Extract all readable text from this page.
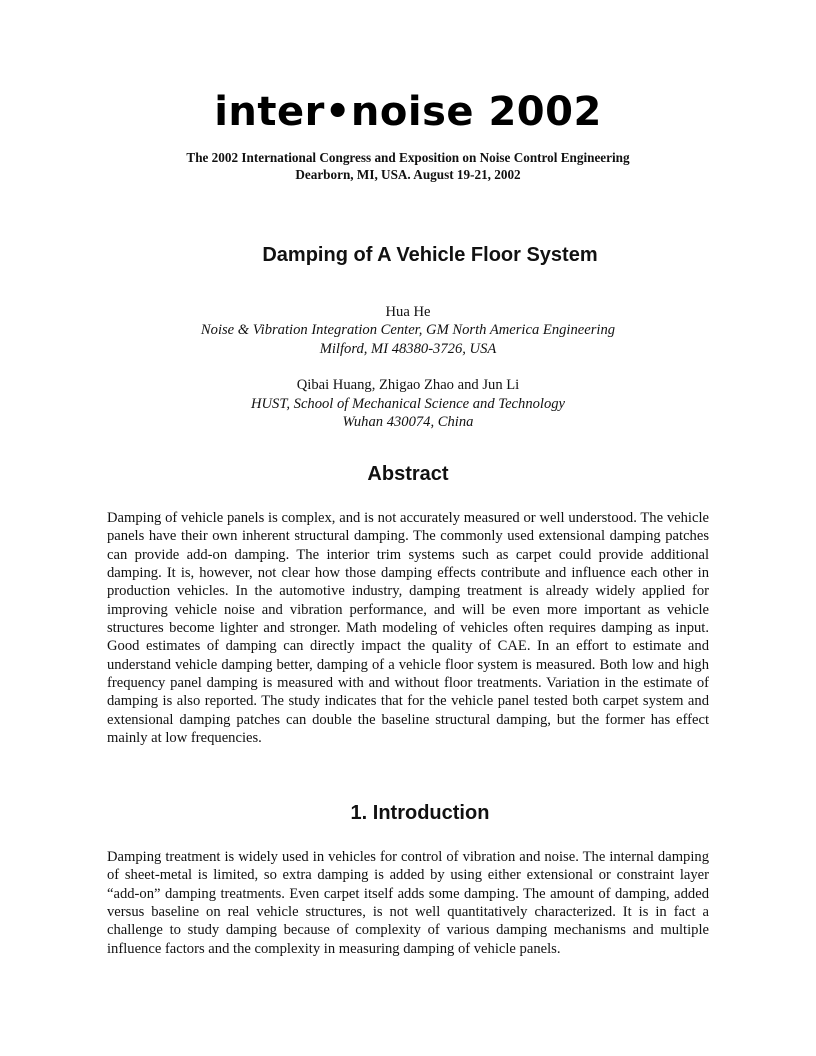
inter•noise 2002
The 2002 International Congress and Exposition on Noise Control Engineering
Dearborn, MI, USA. August 19-21, 2002
Damping of A Vehicle Floor System
Hua He
Noise & Vibration Integration Center, GM North America Engineering
Milford, MI 48380-3726, USA
Qibai Huang, Zhigao Zhao and Jun Li
HUST, School of Mechanical Science and Technology
Wuhan 430074, China
Abstract

Damping of vehicle panels is complex, and is not accurately measured or well understood. The vehicle panels have their own inherent structural damping. The commonly used extensional damping patches can provide add-on damping. The interior trim systems such as carpet could provide additional damping. It is, however, not clear how those damping effects contribute and influence each other in production vehicles. In the automotive industry, damping treatment is already widely applied for improving vehicle noise and vibration performance, and will be even more important as vehicle structures become lighter and stronger. Math modeling of vehicles often requires damping as input. Good estimates of damping can directly impact the quality of CAE. In an effort to estimate and understand vehicle damping better, damping of a vehicle floor system is measured. Both low and high frequency panel damping is measured with and without floor treatments. Variation in the estimate of damping is also reported. The study indicates that for the vehicle panel tested both carpet system and extensional damping patches can double the baseline structural damping, but the former has effect mainly at low frequencies.

1. Introduction

Damping treatment is widely used in vehicles for control of vibration and noise. The internal damping of sheet-metal is limited, so extra damping is added by using either extensional or constraint layer “add-on” damping treatments. Even carpet itself adds some damping. The amount of damping, added versus baseline on real vehicle structures, is not well quantitatively characterized. It is in fact a challenge to study damping because of complexity of various damping mechanisms and multiple influence factors and the complexity in measuring damping of vehicle panels.
